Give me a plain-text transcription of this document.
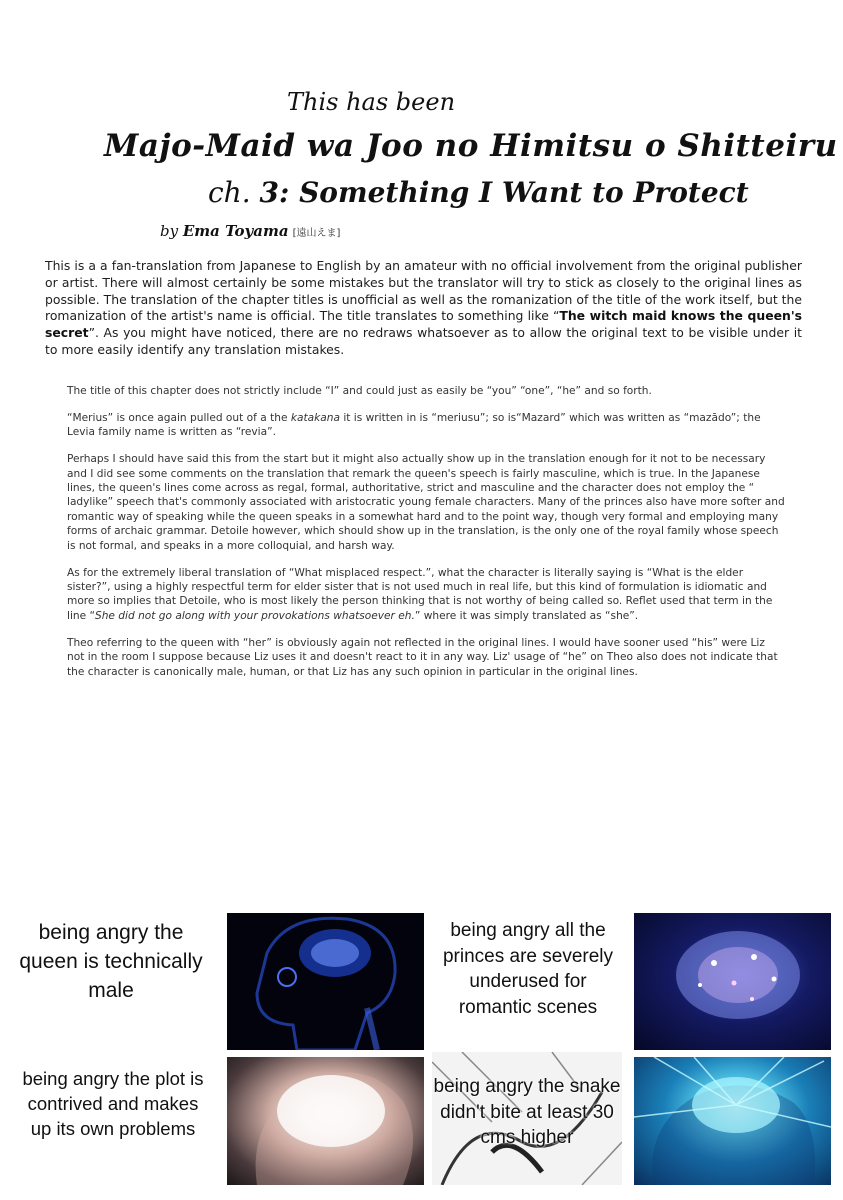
This has been
Majo-Maid wa Joo no Himitsu o Shitteiru
ch. 3: Something I Want to Protect
by Ema Toyama [遠山えま]
This is a a fan-translation from Japanese to English by an amateur with no official involvement from the original publisher or artist. There will almost certainly be some mistakes but the translator will try to stick as closely to the original lines as possible. The translation of the chapter titles is unofficial as well as the romanization of the title of the work itself, but the romanization of the artist's name is official. The title translates to something like “The witch maid knows the queen's secret”. As you might have noticed, there are no redraws whatsoever as to allow the original text to be visible under it to more easily identify any translation mistakes.

The title of this chapter does not strictly include “I” and could just as easily be “you” “one”, “he” and so forth.

“Merius” is once again pulled out of a the katakana it is written in is “meriusu”; so is“Mazard” which was written as “mazādo”; the Levia family name is written as “revia”.

Perhaps I should have said this from the start but it might also actually show up in the translation enough for it not to be necessary and I did see some comments on the translation that remark the queen's speech is fairly masculine, which is true. In the Japanese lines, the queen's lines come across as regal, formal, authoritative, strict and masculine and the character does not employ the “ ladylike” speech that's commonly associated with aristocratic young female characters. Many of the princes also have more softer and romantic way of speaking while the queen speaks in a somewhat hard and to the point way, though very formal and employing many forms of archaic grammar. Detoile however, which should show up in the translation, is the only one of the royal family whose speech is not formal, and speaks in a more colloquial, and harsh way.

As for the extremely liberal translation of “What misplaced respect.”, what the character is literally saying is “What is the elder sister?”, using a highly respectful term for elder sister that is not used much in real life, but this kind of formulation is idiomatic and more so implies that Detoile, who is most likely the person thinking that is not worthy of being called so. Reflet used that term in the line “She did not go along with your provokations whatsoever eh.” where it was simply translated as “she”.

Theo referring to the queen with “her” is obviously again not reflected in the original lines. I would have sooner used “his” were Liz not in the room I suppose because Liz uses it and doesn't react to it in any way. Liz' usage of “he” on Theo also does not indicate that the character is canonically male, human, or that Liz has any such opinion in particular in the original lines.

being angry the queen is technically male
being angry all the princes are severely underused for romantic scenes
being angry the plot is contrived and makes up its own problems
being angry the snake didn't bite at least 30 cms higher
